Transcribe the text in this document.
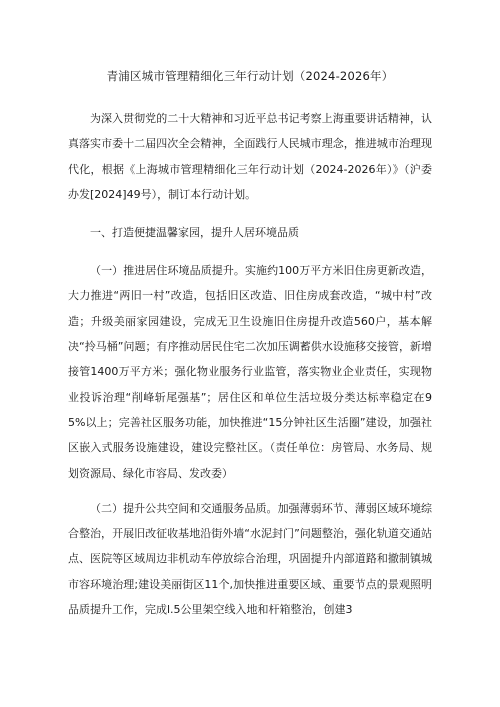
青浦区城市管理精细化三年行动计划（2024-2026年）

为深入贯彻党的二十大精神和习近平总书记考察上海重要讲话精神，认真落实市委十二届四次全会精神，全面践行人民城市理念，推进城市治理现代化，根据《上海城市管理精细化三年行动计划（2024-2026年）》（沪委办发[2024]49号），制订本行动计划。

一、打造便捷温馨家园，提升人居环境品质

（一）推进居住环境品质提升。实施约100万平方米旧住房更新改造，大力推进“两旧一村”改造，包括旧区改造、旧住房成套改造，“城中村”改造；升级美丽家园建设，完成无卫生设施旧住房提升改造560户，基本解决“拎马桶”问题；有序推动居民住宅二次加压调蓄供水设施移交接管，新增接管1400万平方米；强化物业服务行业监管，落实物业企业责任，实现物业投诉治理“削峰斩尾强基”；居住区和单位生活垃圾分类达标率稳定在95%以上；完善社区服务功能，加快推进“15分钟社区生活圈”建设，加强社区嵌入式服务设施建设，建设完整社区。（责任单位：房管局、水务局、规划资源局、绿化市容局、发改委）

（二）提升公共空间和交通服务品质。加强薄弱环节、薄弱区域环境综合整治，开展旧改征收基地沿街外墙“水泥封门”问题整治，强化轨道交通站点、医院等区域周边非机动车停放综合治理，巩固提升内部道路和撤制镇城市容环境治理;建设美丽街区11个,加快推进重要区域、重要节点的景观照明品质提升工作，完成l.5公里架空线入地和杆箱整治，创建3
